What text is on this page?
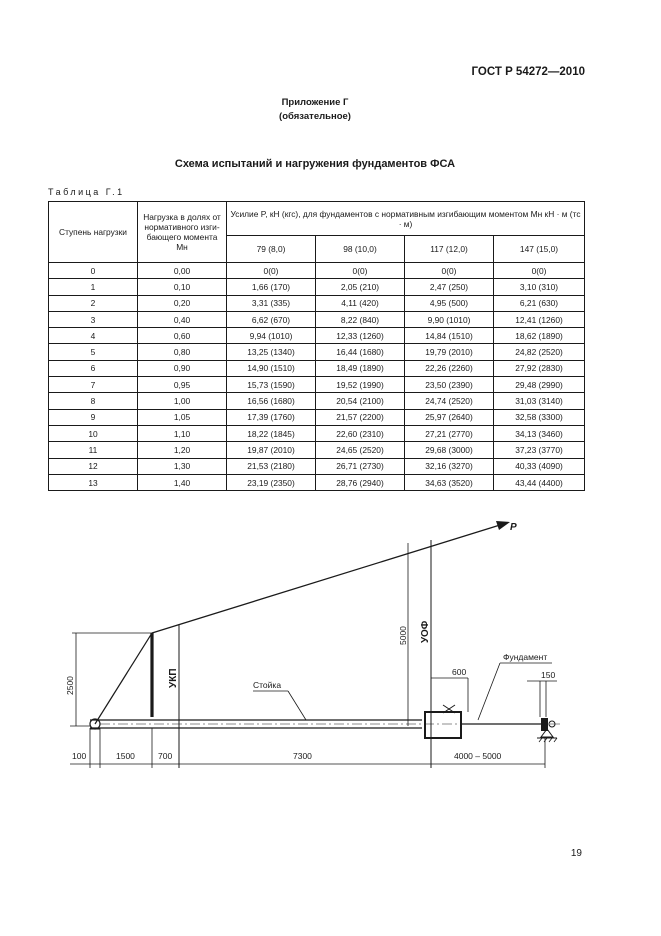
ГОСТ Р 54272—2010
Приложение Г
(обязательное)
Схема испытаний и нагружения фундаментов ФСА
Таблица Г.1
Ступень нагрузки	Нагрузка в долях от нормативного изги-бающего момента Mн	Усилие P, кН (кгс), для фундаментов с нормативным изгибающим моментом Mн кН · м (тс · м)			
		79 (8,0)	98 (10,0)	117 (12,0)	147 (15,0)
0	0,00	0(0)	0(0)	0(0)	0(0)
1	0,10	1,66 (170)	2,05 (210)	2,47 (250)	3,10 (310)
2	0,20	3,31 (335)	4,11 (420)	4,95 (500)	6,21 (630)
3	0,40	6,62 (670)	8,22 (840)	9,90 (1010)	12,41 (1260)
4	0,60	9,94 (1010)	12,33 (1260)	14,84 (1510)	18,62 (1890)
5	0,80	13,25 (1340)	16,44 (1680)	19,79 (2010)	24,82 (2520)
6	0,90	14,90 (1510)	18,49 (1890)	22,26 (2260)	27,92 (2830)
7	0,95	15,73 (1590)	19,52 (1990)	23,50 (2390)	29,48 (2990)
8	1,00	16,56 (1680)	20,54 (2100)	24,74 (2520)	31,03 (3140)
9	1,05	17,39 (1760)	21,57 (2200)	25,97 (2640)	32,58 (3300)
10	1,10	18,22 (1845)	22,60 (2310)	27,21 (2770)	34,13 (3460)
11	1,20	19,87 (2010)	24,65 (2520)	29,68 (3000)	37,23 (3770)
12	1,30	21,53 (2180)	26,71 (2730)	32,16 (3270)	40,33 (4090)
13	1,40	23,19 (2350)	28,76 (2940)	34,63 (3520)	43,44 (4400)
P
УКП
УОФ
5000
2500
600
Фундамент
150
Стойка
100	1500	700	7300	4000 – 5000
19
